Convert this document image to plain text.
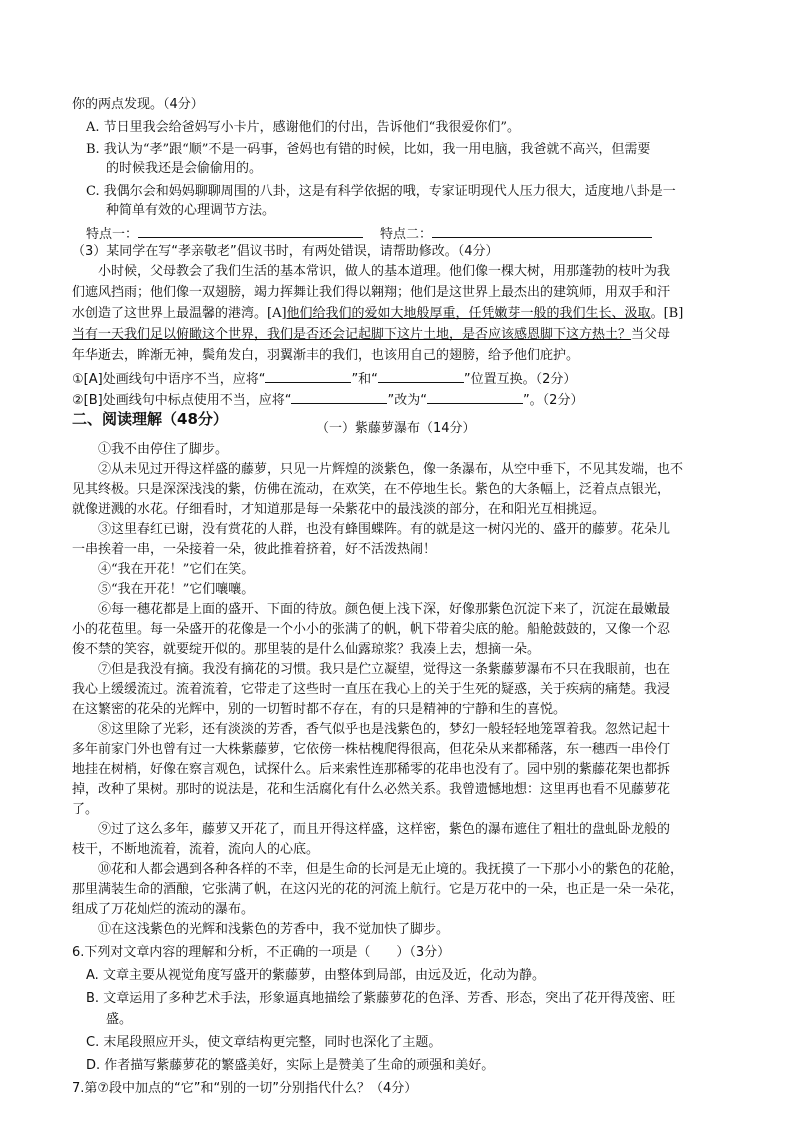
你的两点发现。（4分）
A. 节日里我会给爸妈写小卡片，感谢他们的付出，告诉他们“我很爱你们”。
B. 我认为“孝”跟“顺”不是一码事，爸妈也有错的时候，比如，我一用电脑，我爸就不高兴，但需要
的时候我还是会偷偷用的。
C. 我偶尔会和妈妈聊聊周围的八卦，这是有科学依据的哦，专家证明现代人压力很大，适度地八卦是一
种简单有效的心理调节方法。
特点一：	特点二：
（3）某同学在写“孝亲敬老”倡议书时，有两处错误，请帮助修改。（4分）
小时候，父母教会了我们生活的基本常识，做人的基本道理。他们像一棵大树，用那蓬勃的枝叶为我
们遮风挡雨；他们像一双翅膀，竭力挥舞让我们得以翱翔；他们是这世界上最杰出的建筑师，用双手和汗
水创造了这世界上最温馨的港湾。[A]他们给我们的爱如大地般厚重，任凭嫩芽一般的我们生长、汲取。[B]
当有一天我们足以俯瞰这个世界，我们是否还会记起脚下这片土地，是否应该感恩脚下这方热土？当父母
年华逝去，眸渐无神，鬓角发白，羽翼渐丰的我们，也该用自己的翅膀，给予他们庇护。
①[A]处画线句中语序不当，应将“	”和“	”位置互换。（2分）
②[B]处画线句中标点使用不当，应将“	”改为“	”。（2分）
二、阅读理解（48分）
（一）紫藤萝瀑布（14分）
①我不由停住了脚步。
②从未见过开得这样盛的藤萝，只见一片辉煌的淡紫色，像一条瀑布，从空中垂下，不见其发端，也不
见其终极。只是深深浅浅的紫，仿佛在流动，在欢笑，在不停地生长。紫色的大条幅上，泛着点点银光，
就像迸溅的水花。仔细看时，才知道那是每一朵紫花中的最浅淡的部分，在和阳光互相挑逗。
③这里春红已谢，没有赏花的人群，也没有蜂围蝶阵。有的就是这一树闪光的、盛开的藤萝。花朵儿
一串挨着一串，一朵接着一朵，彼此推着挤着，好不活泼热闹！
④“我在开花！”它们在笑。
⑤“我在开花！”它们嚷嚷。
⑥每一穗花都是上面的盛开、下面的待放。颜色便上浅下深，好像那紫色沉淀下来了，沉淀在最嫩最
小的花苞里。每一朵盛开的花像是一个小小的张满了的帆，帆下带着尖底的舱。船舱鼓鼓的，又像一个忍
俊不禁的笑容，就要绽开似的。那里装的是什么仙露琼浆？我凑上去，想摘一朵。
⑦但是我没有摘。我没有摘花的习惯。我只是伫立凝望，觉得这一条紫藤萝瀑布不只在我眼前，也在
我心上缓缓流过。流着流着，它带走了这些时一直压在我心上的关于生死的疑惑，关于疾病的痛楚。我浸
在这繁密的花朵的光辉中，别的一切暂时都不存在，有的只是精神的宁静和生的喜悦。
⑧这里除了光彩，还有淡淡的芳香，香气似乎也是浅紫色的，梦幻一般轻轻地笼罩着我。忽然记起十
多年前家门外也曾有过一大株紫藤萝，它依傍一株枯槐爬得很高，但花朵从来都稀落，东一穗西一串伶仃
地挂在树梢，好像在察言观色，试探什么。后来索性连那稀零的花串也没有了。园中别的紫藤花架也都拆
掉，改种了果树。那时的说法是，花和生活腐化有什么必然关系。我曾遗憾地想：这里再也看不见藤萝花
了。
⑨过了这么多年，藤萝又开花了，而且开得这样盛，这样密，紫色的瀑布遮住了粗壮的盘虬卧龙般的
枝干，不断地流着，流着，流向人的心底。
⑩花和人都会遇到各种各样的不幸，但是生命的长河是无止境的。我抚摸了一下那小小的紫色的花舱，
那里满装生命的酒酿，它张满了帆，在这闪光的花的河流上航行。它是万花中的一朵，也正是一朵一朵花，
组成了万花灿烂的流动的瀑布。
⑪在这浅紫色的光辉和浅紫色的芳香中，我不觉加快了脚步。
6.下列对文章内容的理解和分析，不正确的一项是（　　）（3分）
A. 文章主要从视觉角度写盛开的紫藤萝，由整体到局部，由远及近，化动为静。
B. 文章运用了多种艺术手法，形象逼真地描绘了紫藤萝花的色泽、芳香、形态，突出了花开得茂密、旺
盛。
C. 末尾段照应开头，使文章结构更完整，同时也深化了主题。
D. 作者描写紫藤萝花的繁盛美好，实际上是赞美了生命的顽强和美好。
7.第⑦段中加点的“它”和“别的一切”分别指代什么？（4分）
